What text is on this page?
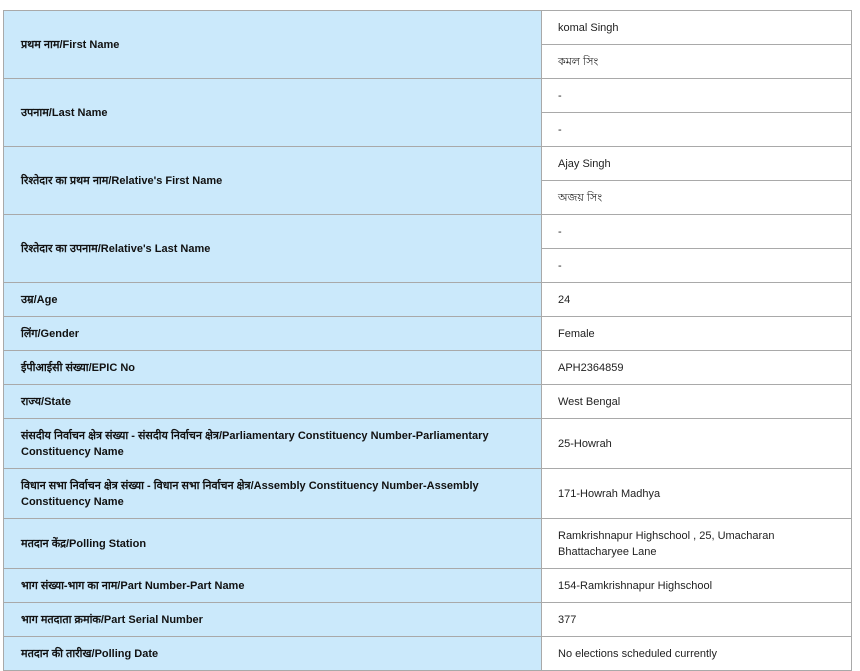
प्रथम नाम/First Name	komal Singh
	কমল সিং
उपनाम/Last Name	-
	-
रिश्तेदार का प्रथम नाम/Relative's First Name	Ajay Singh
	অজয় সিং
रिश्तेदार का उपनाम/Relative's Last Name	-
	-
उम्र/Age	24
लिंग/Gender	Female
ईपीआईसी संख्या/EPIC No	APH2364859
राज्य/State	West Bengal
संसदीय निर्वाचन क्षेत्र संख्या - संसदीय निर्वाचन क्षेत्र/Parliamentary Constituency Number-Parliamentary Constituency Name	25-Howrah
विधान सभा निर्वाचन क्षेत्र संख्या - विधान सभा निर्वाचन क्षेत्र/Assembly Constituency Number-Assembly Constituency Name	171-Howrah Madhya
मतदान केंद्र/Polling Station	Ramkrishnapur Highschool , 25, Umacharan Bhattacharyee Lane
भाग संख्या-भाग का नाम/Part Number-Part Name	154-Ramkrishnapur Highschool
भाग मतदाता क्रमांक/Part Serial Number	377
मतदान की तारीख/Polling Date	No elections scheduled currently
